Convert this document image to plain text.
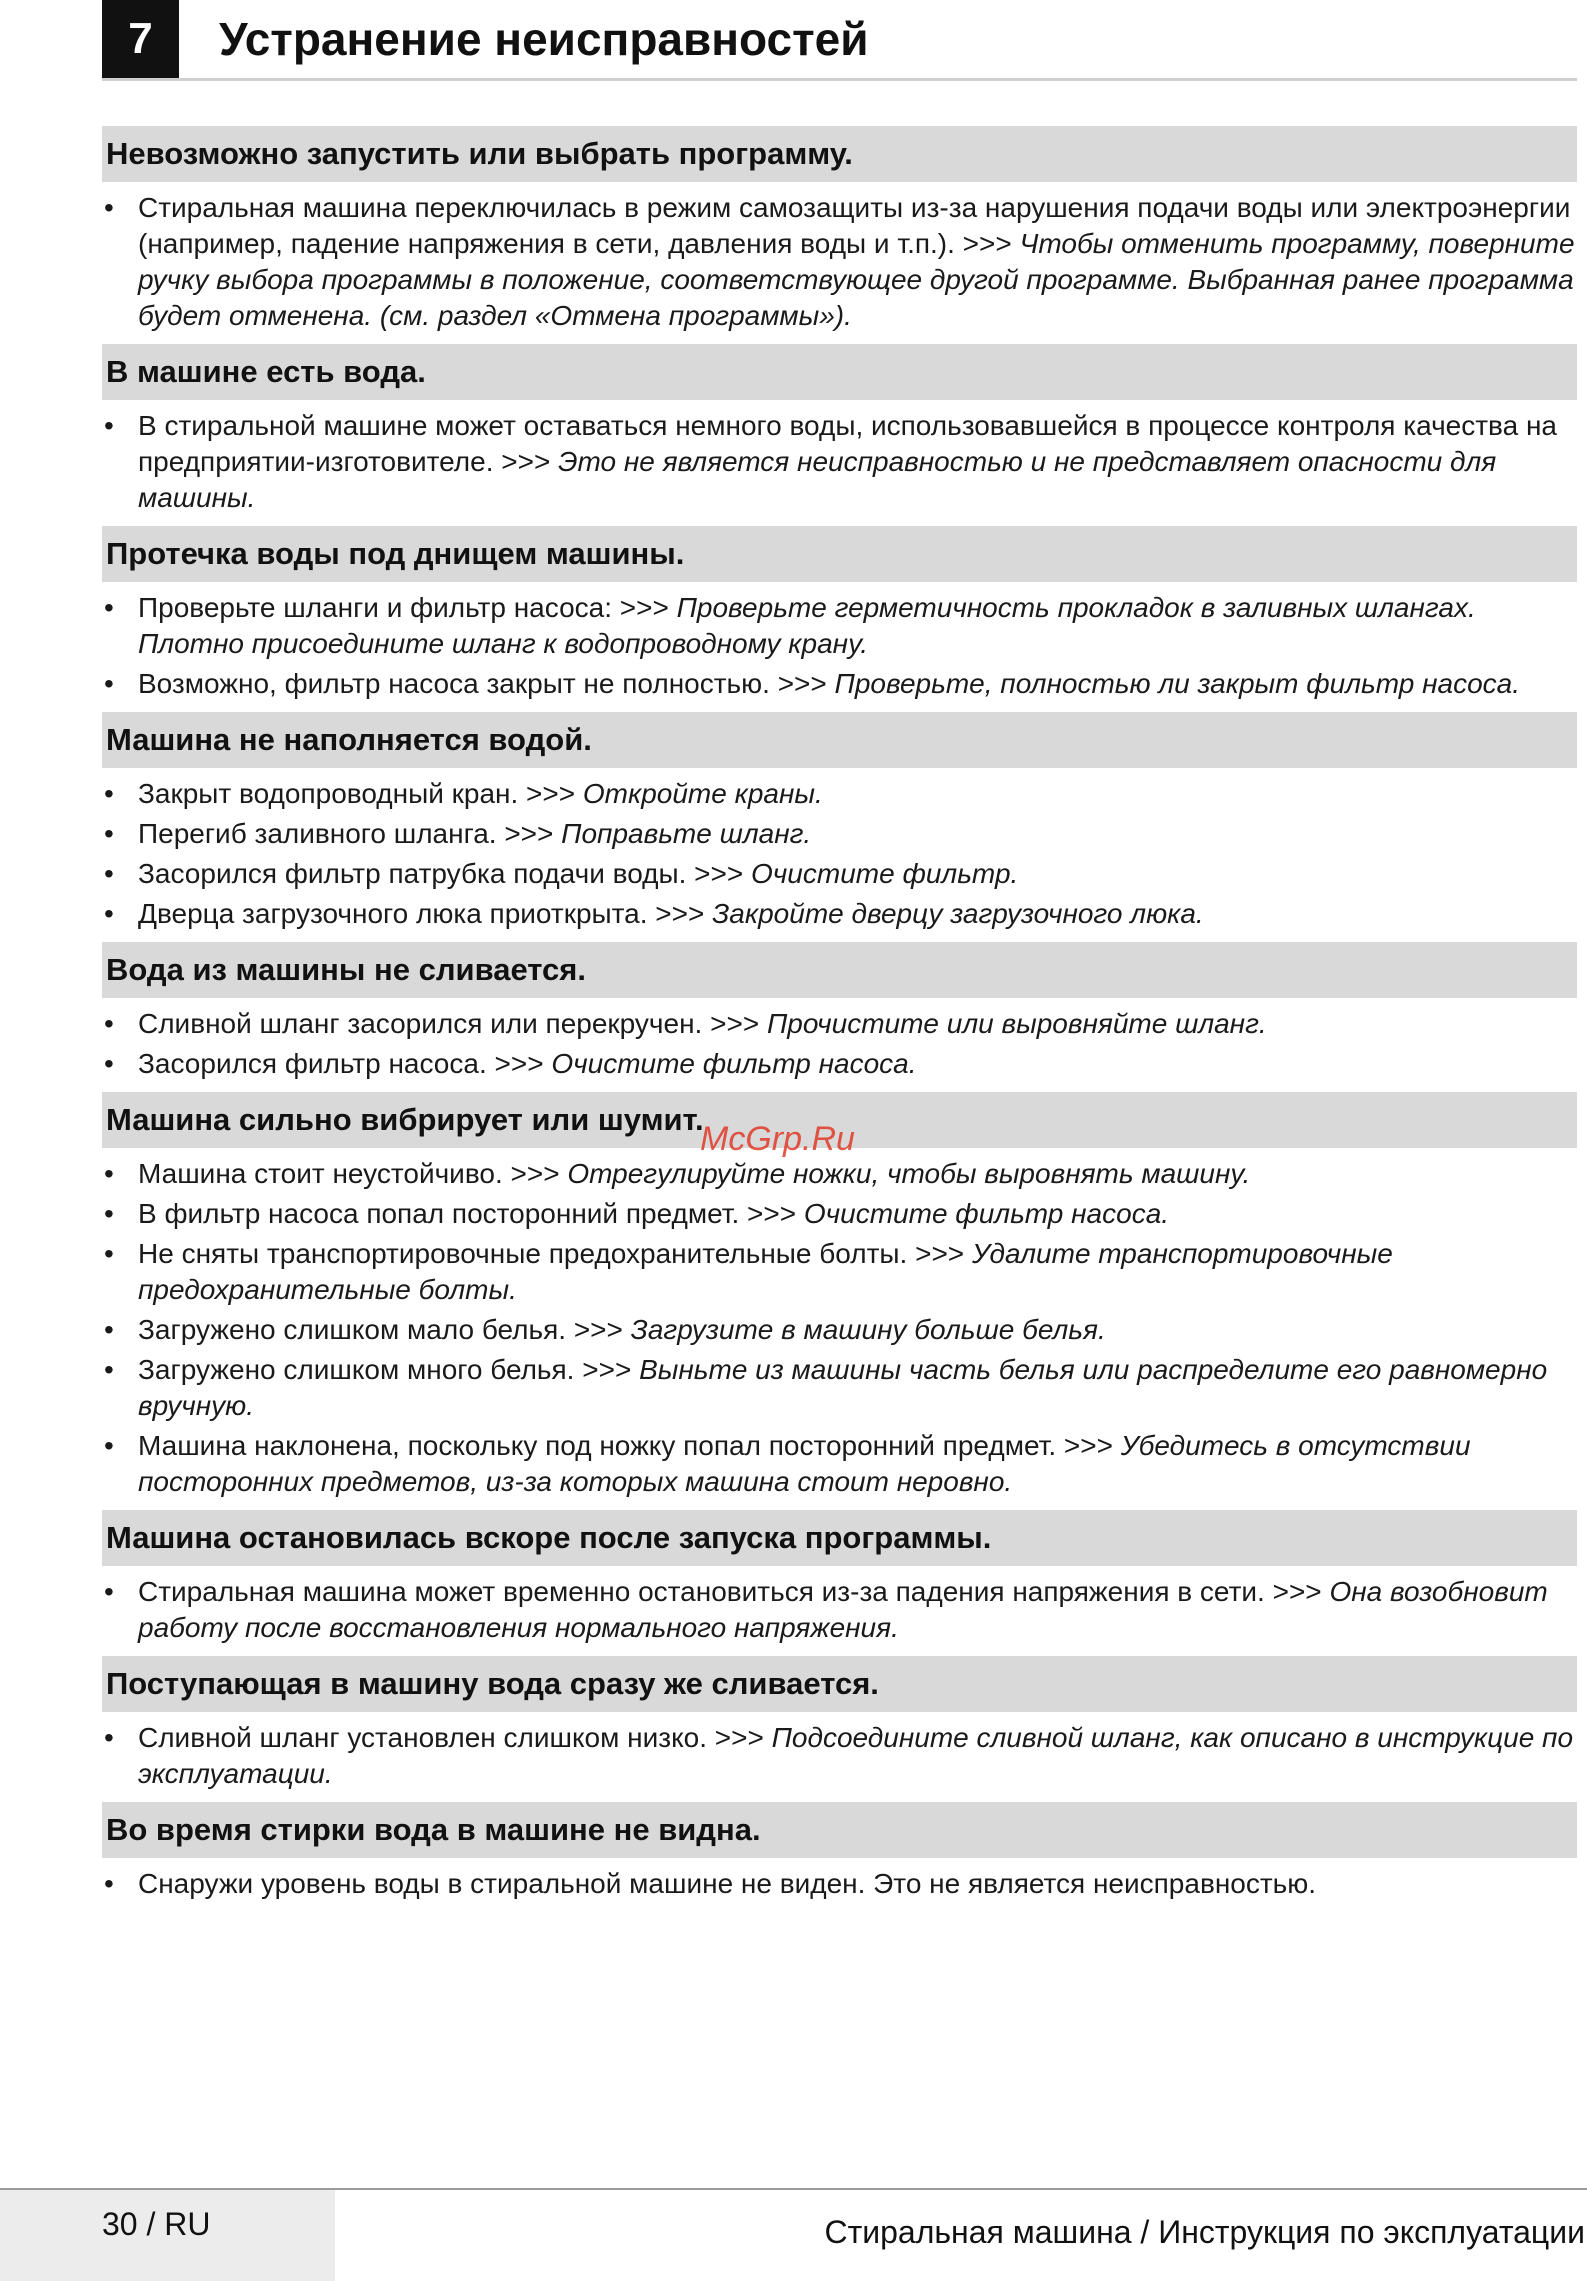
7	Устранение неисправностей
Невозможно запустить или выбрать программу.
• Стиральная машина переключилась в режим самозащиты из-за нарушения подачи воды или электроэнергии (например, падение напряжения в сети, давления воды и т.п.). >>> Чтобы отменить программу, поверните ручку выбора программы в положение, соответствующее другой программе. Выбранная ранее программа будет отменена. (см. раздел «Отмена программы»).
В машине есть вода.
• В стиральной машине может оставаться немного воды, использовавшейся в процессе контроля качества на предприятии-изготовителе. >>> Это не является неисправностью и не представляет опасности для машины.
Протечка воды под днищем машины.
• Проверьте шланги и фильтр насоса: >>> Проверьте герметичность прокладок в заливных шлангах. Плотно присоедините шланг к водопроводному крану.
• Возможно, фильтр насоса закрыт не полностью. >>> Проверьте, полностью ли закрыт фильтр насоса.
Машина не наполняется водой.
• Закрыт водопроводный кран. >>> Откройте краны.
• Перегиб заливного шланга. >>> Поправьте шланг.
• Засорился фильтр патрубка подачи воды. >>> Очистите фильтр.
• Дверца загрузочного люка приоткрыта. >>> Закройте дверцу загрузочного люка.
Вода из машины не сливается.
• Сливной шланг засорился или перекручен. >>> Прочистите или выровняйте шланг.
• Засорился фильтр насоса. >>> Очистите фильтр насоса.
Машина сильно вибрирует или шумит.
• Машина стоит неустойчиво. >>> Отрегулируйте ножки, чтобы выровнять машину.
• В фильтр насоса попал посторонний предмет. >>> Очистите фильтр насоса.
• Не сняты транспортировочные предохранительные болты. >>> Удалите транспортировочные предохранительные болты.
• Загружено слишком мало белья. >>> Загрузите в машину больше белья.
• Загружено слишком много белья. >>> Выньте из машины часть белья или распределите его равномерно вручную.
• Машина наклонена, поскольку под ножку попал посторонний предмет. >>> Убедитесь в отсутствии посторонних предметов, из-за которых машина стоит неровно.
Машина остановилась вскоре после запуска программы.
• Стиральная машина может временно остановиться из-за падения напряжения в сети. >>> Она возобновит работу после восстановления нормального напряжения.
Поступающая в машину вода сразу же сливается.
• Сливной шланг установлен слишком низко. >>> Подсоедините сливной шланг, как описано в инструкцие по эксплуатации.
Во время стирки вода в машине не видна.
• Снаружи уровень воды в стиральной машине не виден. Это не является неисправностью.
McGrp.Ru
30 / RU	Стиральная машина / Инструкция по эксплуатации
